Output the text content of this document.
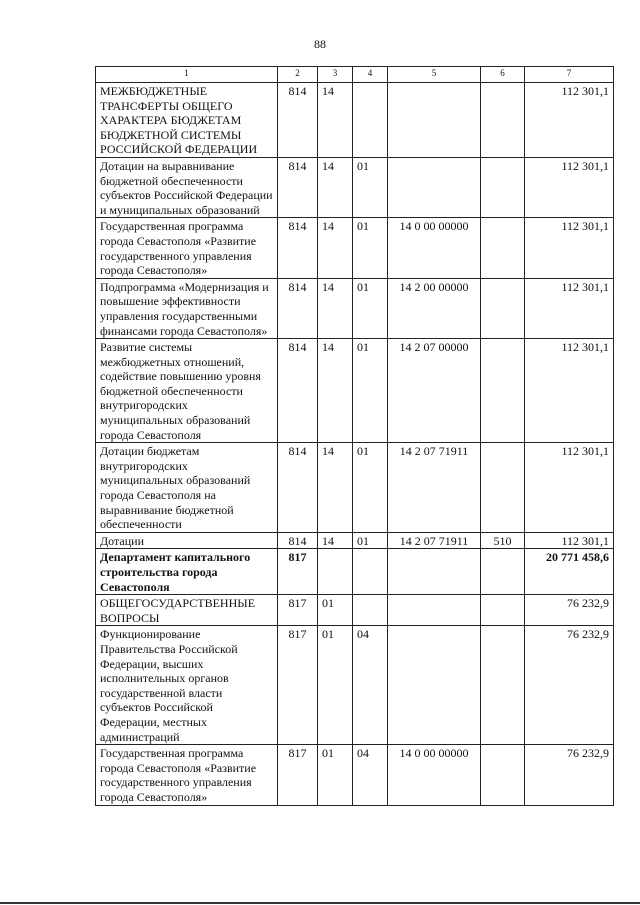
88
1	2	3	4	5	6	7
МЕЖБЮДЖЕТНЫЕ ТРАНСФЕРТЫ ОБЩЕГО ХАРАКТЕРА БЮДЖЕТАМ БЮДЖЕТНОЙ СИСТЕМЫ РОССИЙСКОЙ ФЕДЕРАЦИИ	814	14				112 301,1
Дотации на выравнивание бюджетной обеспеченности субъектов Российской Федерации и муниципальных образований	814	14	01			112 301,1
Государственная программа города Севастополя «Развитие государственного управления города Севастополя»	814	14	01	14 0 00 00000		112 301,1
Подпрограмма «Модернизация и повышение эффективности управления государственными финансами города Севастополя»	814	14	01	14 2 00 00000		112 301,1
Развитие системы межбюджетных отношений, содействие повышению уровня бюджетной обеспеченности внутригородских муниципальных образований города Севастополя	814	14	01	14 2 07 00000		112 301,1
Дотации бюджетам внутригородских муниципальных образований города Севастополя на выравнивание бюджетной обеспеченности	814	14	01	14 2 07 71911		112 301,1
Дотации	814	14	01	14 2 07 71911	510	112 301,1
Департамент капитального строительства города Севастополя	817					20 771 458,6
ОБЩЕГОСУДАРСТВЕННЫЕ ВОПРОСЫ	817	01				76 232,9
Функционирование Правительства Российской Федерации, высших исполнительных органов государственной власти субъектов Российской Федерации, местных администраций	817	01	04			76 232,9
Государственная программа города Севастополя «Развитие государственного управления города Севастополя»	817	01	04	14 0 00 00000		76 232,9
